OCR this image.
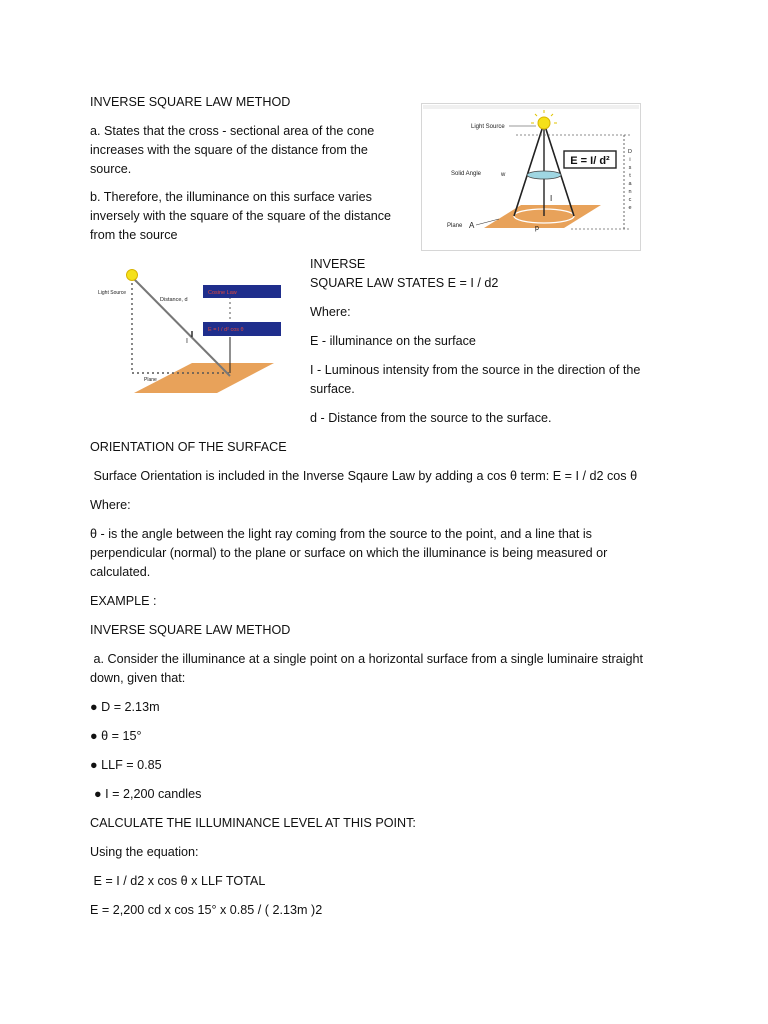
INVERSE SQUARE LAW METHOD
a. States that the cross - sectional area of the cone
increases with the square of the distance from the
source.
b. Therefore, the illuminance on this surface varies
inversely with the square of the square of the distance
from the source
E = I/ d²
Light Source
Solid Angle	w
Plane A
I
p
D
i
s
t
a
n
c
e
Light Source
Distance, d
Cosine Law
E = I / d² cos θ
I
Plane
INVERSE
SQUARE LAW STATES E = I / d2
Where:
E - illuminance on the surface
I - Luminous intensity from the source in the direction of the
surface.
d - Distance from the source to the surface.
ORIENTATION OF THE SURFACE
Surface Orientation is included in the Inverse Sqaure Law by adding a cos θ term: E = I / d2 cos θ
Where:
θ - is the angle between the light ray coming from the source to the point, and a line that is
perpendicular (normal) to the plane or surface on which the illuminance is being measured or
calculated.
EXAMPLE :
INVERSE SQUARE LAW METHOD
a. Consider the illuminance at a single point on a horizontal surface from a single luminaire straight
down, given that:
● D = 2.13m
● θ = 15°
● LLF = 0.85
● I = 2,200 candles
CALCULATE THE ILLUMINANCE LEVEL AT THIS POINT:
Using the equation:
E = I / d2 x cos θ x LLF TOTAL
E = 2,200 cd x cos 15° x 0.85 / ( 2.13m )2
